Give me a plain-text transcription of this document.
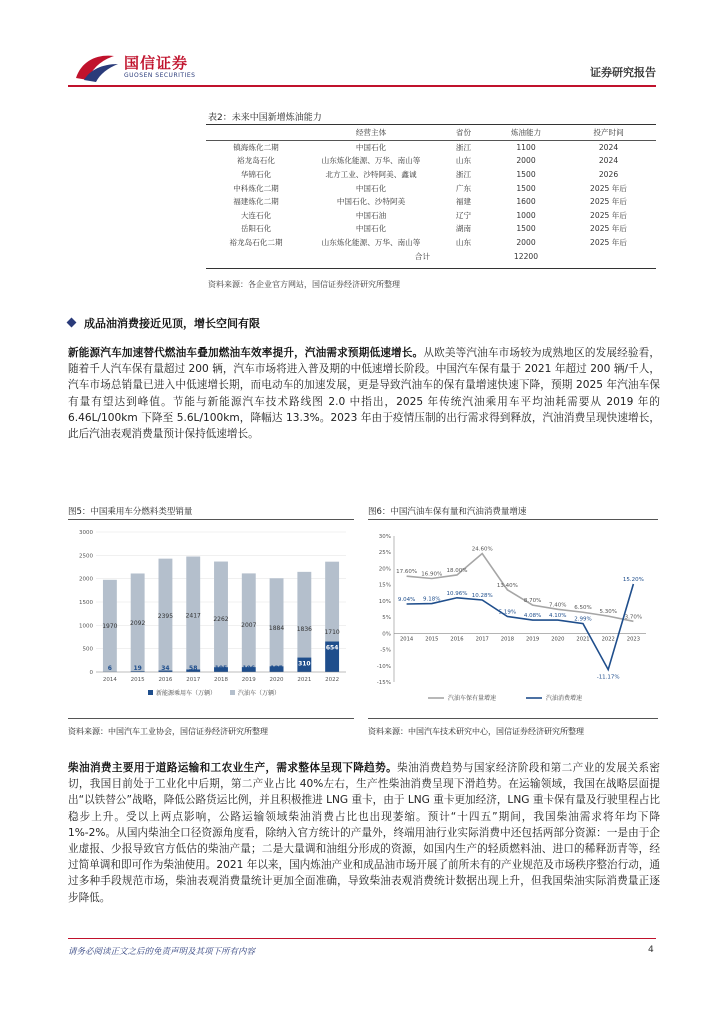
国信证券
GUOSEN SECURITIES	证券研究报告
表2：未来中国新增炼油能力
	经营主体	省份	炼油能力	投产时间
镇海炼化二期	中国石化	浙江	1100	2024
裕龙岛石化	山东炼化能源、万华、南山等	山东	2000	2024
华锦石化	北方工业、沙特阿美、鑫诚	浙江	1500	2026
中科炼化二期	中国石化	广东	1500	2025 年后
福建炼化二期	中国石化、沙特阿美	福建	1600	2025 年后
大连石化	中国石油	辽宁	1000	2025 年后
岳阳石化	中国石化	湖南	1500	2025 年后
裕龙岛石化二期	山东炼化能源、万华、南山等	山东	2000	2025 年后
	合计		12200	
资料来源：各企业官方网站，国信证券经济研究所整理
成品油消费接近见顶，增长空间有限
新能源汽车加速替代燃油车叠加燃油车效率提升，汽油需求预期低速增长。从欧美等汽油车市场较为成熟地区的发展经验看，随着千人汽车保有量超过 200 辆，汽车市场将进入普及期的中低速增长阶段。中国汽车保有量于 2021 年超过 200 辆/千人，汽车市场总销量已进入中低速增长期，而电动车的加速发展，更是导致汽油车的保有量增速快速下降，预期 2025 年汽油车保有量有望达到峰值。节能与新能源汽车技术路线图 2.0 中指出，2025 年传统汽油乘用车平均油耗需要从 2019 年的 6.46L/100km 下降至 5.6L/100km，降幅达 13.3%。2023 年由于疫情压制的出行需求得到释放，汽油消费呈现快速增长，此后汽油表观消费量预计保持低速增长。
图5：中国乘用车分燃料类型销量	图6：中国汽油车保有量和汽油消费量增速
0
500
1000
1500
2000
2500
3000
1970
6
2014
2092
19
2015
2395
34
2016
2417
58
2017
2262
105
2018
2007
106
2019
1884
125
2020
1836
310
2021
1710
654
2022
新能源乘用车（万辆）	汽油车（万辆）
-15%
-10%
-5%
0%
5%
10%
15%
20%
25%
30%
2014 2015 2016 2017 2018 2019 2020 2021 2022 2023
17.60% 16.90%
18.00%
24.60%
13.40%
8.70%
7.40% 6.50%
5.30%
3.70%
9.04% 9.18%
10.96% 10.28%
5.19%
4.08% 4.10%
2.99%
-11.17%
15.20%
汽油车保有量增速	汽油消费增速
资料来源：中国汽车工业协会，国信证券经济研究所整理	资料来源：中国汽车技术研究中心，国信证券经济研究所整理
柴油消费主要用于道路运输和工农业生产，需求整体呈现下降趋势。柴油消费趋势与国家经济阶段和第二产业的发展关系密切，我国目前处于工业化中后期，第二产业占比 40%左右，生产性柴油消费呈现下滑趋势。在运输领域，我国在战略层面提出“以铁替公”战略，降低公路货运比例，并且积极推进 LNG 重卡，由于 LNG 重卡更加经济，LNG 重卡保有量及行驶里程占比稳步上升。受以上两点影响，公路运输领域柴油消费占比也出现萎缩。预计“十四五”期间，我国柴油需求将年均下降 1%-2%。从国内柴油全口径资源角度看，除纳入官方统计的产量外，终端用油行业实际消费中还包括两部分资源：一是由于企业虚报、少报导致官方低估的柴油产量；二是大量调和油组分形成的资源，如国内生产的轻质燃料油、进口的稀释沥青等，经过简单调和即可作为柴油使用。2021 年以来，国内炼油产业和成品油市场开展了前所未有的产业规范及市场秩序整治行动，通过多种手段规范市场，柴油表观消费量统计更加全面准确，导致柴油表观消费统计数据出现上升，但我国柴油实际消费量正逐步降低。
请务必阅读正文之后的免责声明及其项下所有内容	4
